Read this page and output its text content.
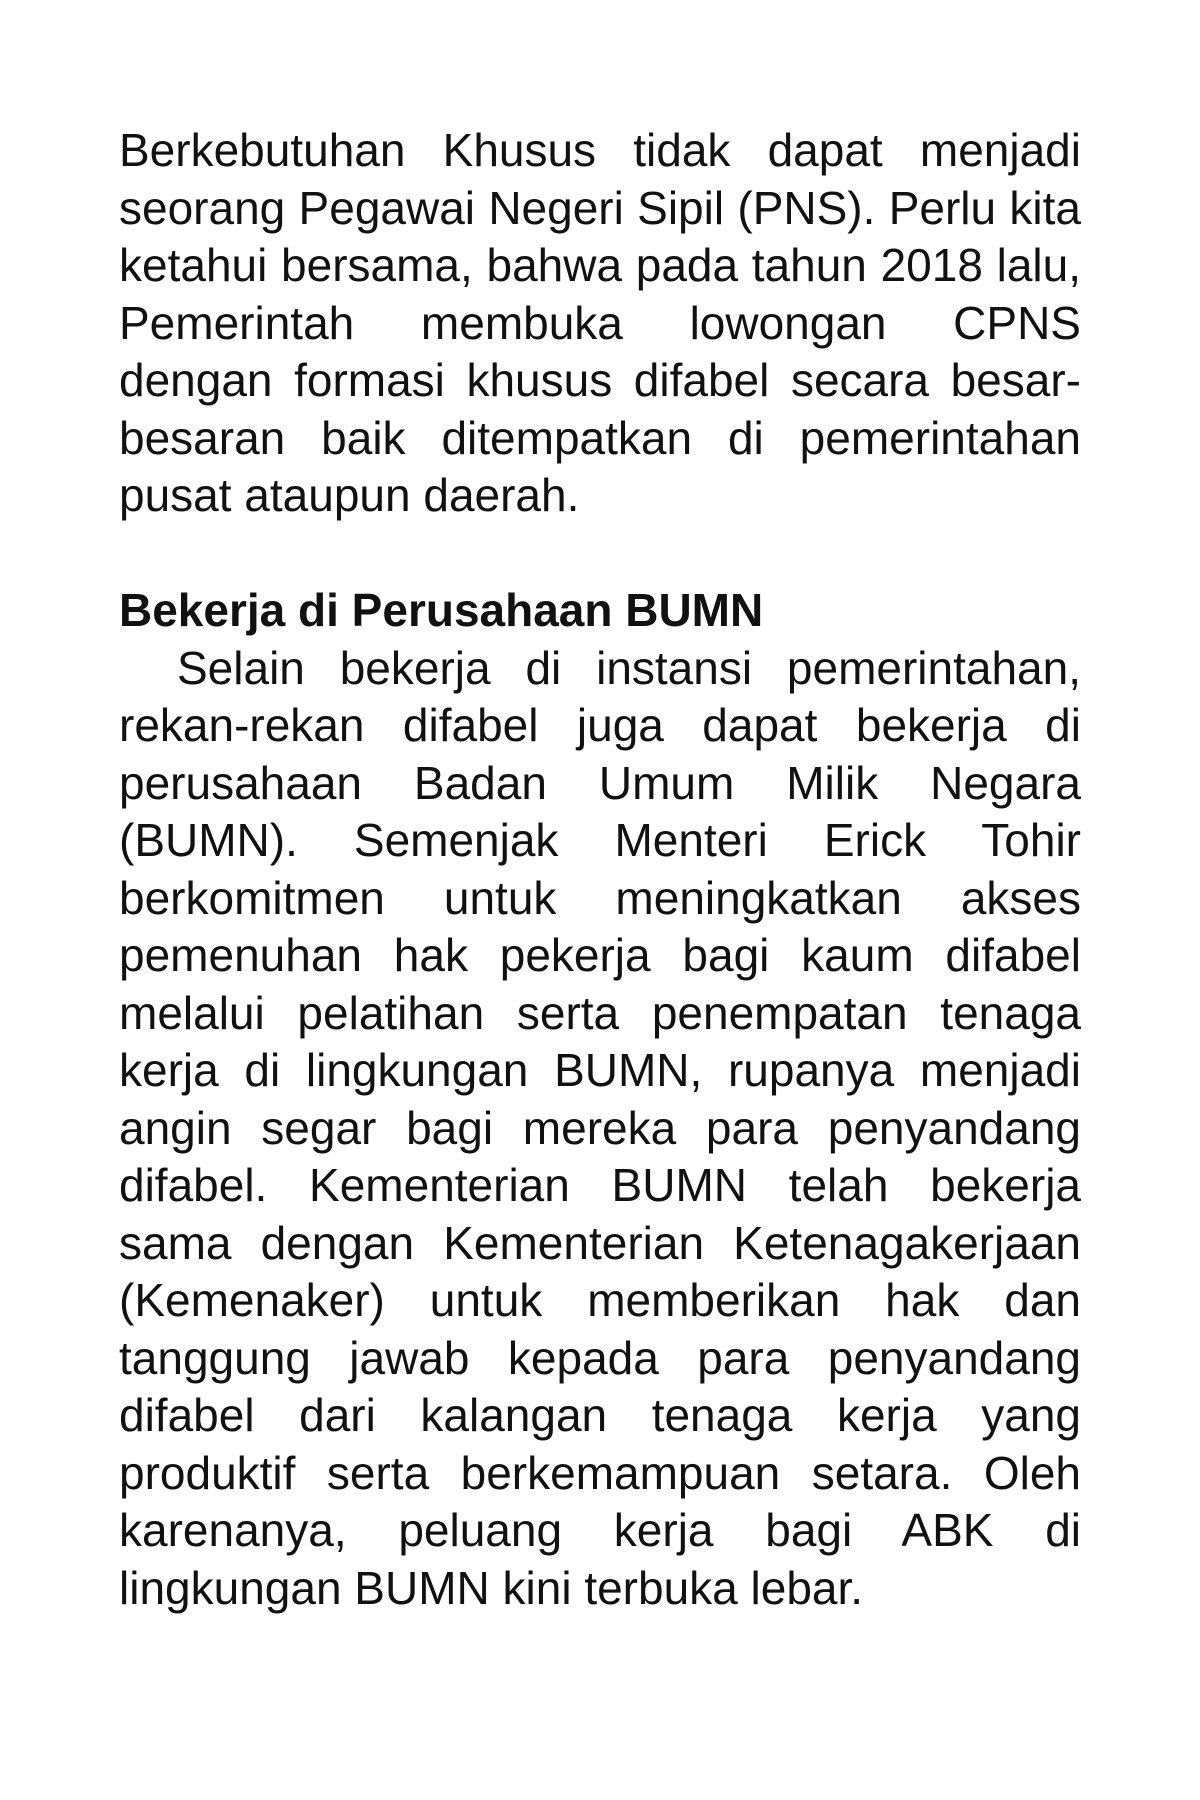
Berkebutuhan Khusus tidak dapat menjadi seorang Pegawai Negeri Sipil (PNS). Perlu kita ketahui bersama, bahwa pada tahun 2018 lalu, Pemerintah membuka lowongan CPNS dengan formasi khusus difabel secara besar-besaran baik ditempatkan di pemerintahan pusat ataupun daerah.

Bekerja di Perusahaan BUMN

Selain bekerja di instansi pemerintahan, rekan-rekan difabel juga dapat bekerja di perusahaan Badan Umum Milik Negara (BUMN). Semenjak Menteri Erick Tohir berkomitmen untuk meningkatkan akses pemenuhan hak pekerja bagi kaum difabel melalui pelatihan serta penempatan tenaga kerja di lingkungan BUMN, rupanya menjadi angin segar bagi mereka para penyandang difabel. Kementerian BUMN telah bekerja sama dengan Kementerian Ketenagakerjaan (Kemenaker) untuk memberikan hak dan tanggung jawab kepada para penyandang difabel dari kalangan tenaga kerja yang produktif serta berkemampuan setara. Oleh karenanya, peluang kerja bagi ABK di lingkungan BUMN kini terbuka lebar.
